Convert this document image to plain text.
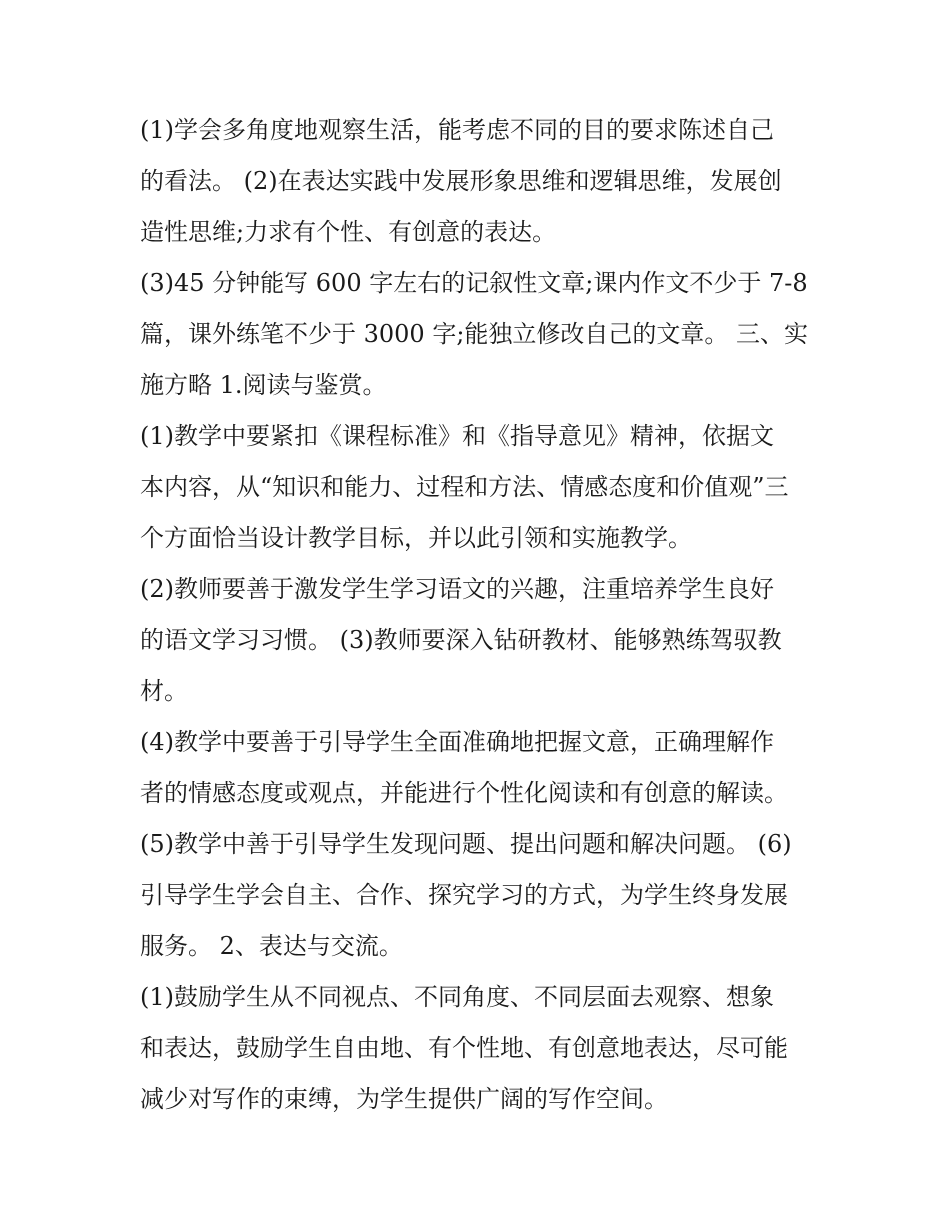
(1)学会多角度地观察生活，能考虑不同的目的要求陈述自己
的看法。 (2)在表达实践中发展形象思维和逻辑思维，发展创
造性思维;力求有个性、有创意的表达。
(3)45 分钟能写 600 字左右的记叙性文章;课内作文不少于 7-8
篇，课外练笔不少于 3000 字;能独立修改自己的文章。 三、实
施方略 1.阅读与鉴赏。
(1)教学中要紧扣《课程标准》和《指导意见》精神，依据文
本内容，从“知识和能力、过程和方法、情感态度和价值观”三
个方面恰当设计教学目标，并以此引领和实施教学。
(2)教师要善于激发学生学习语文的兴趣，注重培养学生良好
的语文学习习惯。 (3)教师要深入钻研教材、能够熟练驾驭教
材。
(4)教学中要善于引导学生全面准确地把握文意，正确理解作
者的情感态度或观点，并能进行个性化阅读和有创意的解读。
(5)教学中善于引导学生发现问题、提出问题和解决问题。 (6)
引导学生学会自主、合作、探究学习的方式，为学生终身发展
服务。 2、表达与交流。
(1)鼓励学生从不同视点、不同角度、不同层面去观察、想象
和表达，鼓励学生自由地、有个性地、有创意地表达，尽可能
减少对写作的束缚，为学生提供广阔的写作空间。
